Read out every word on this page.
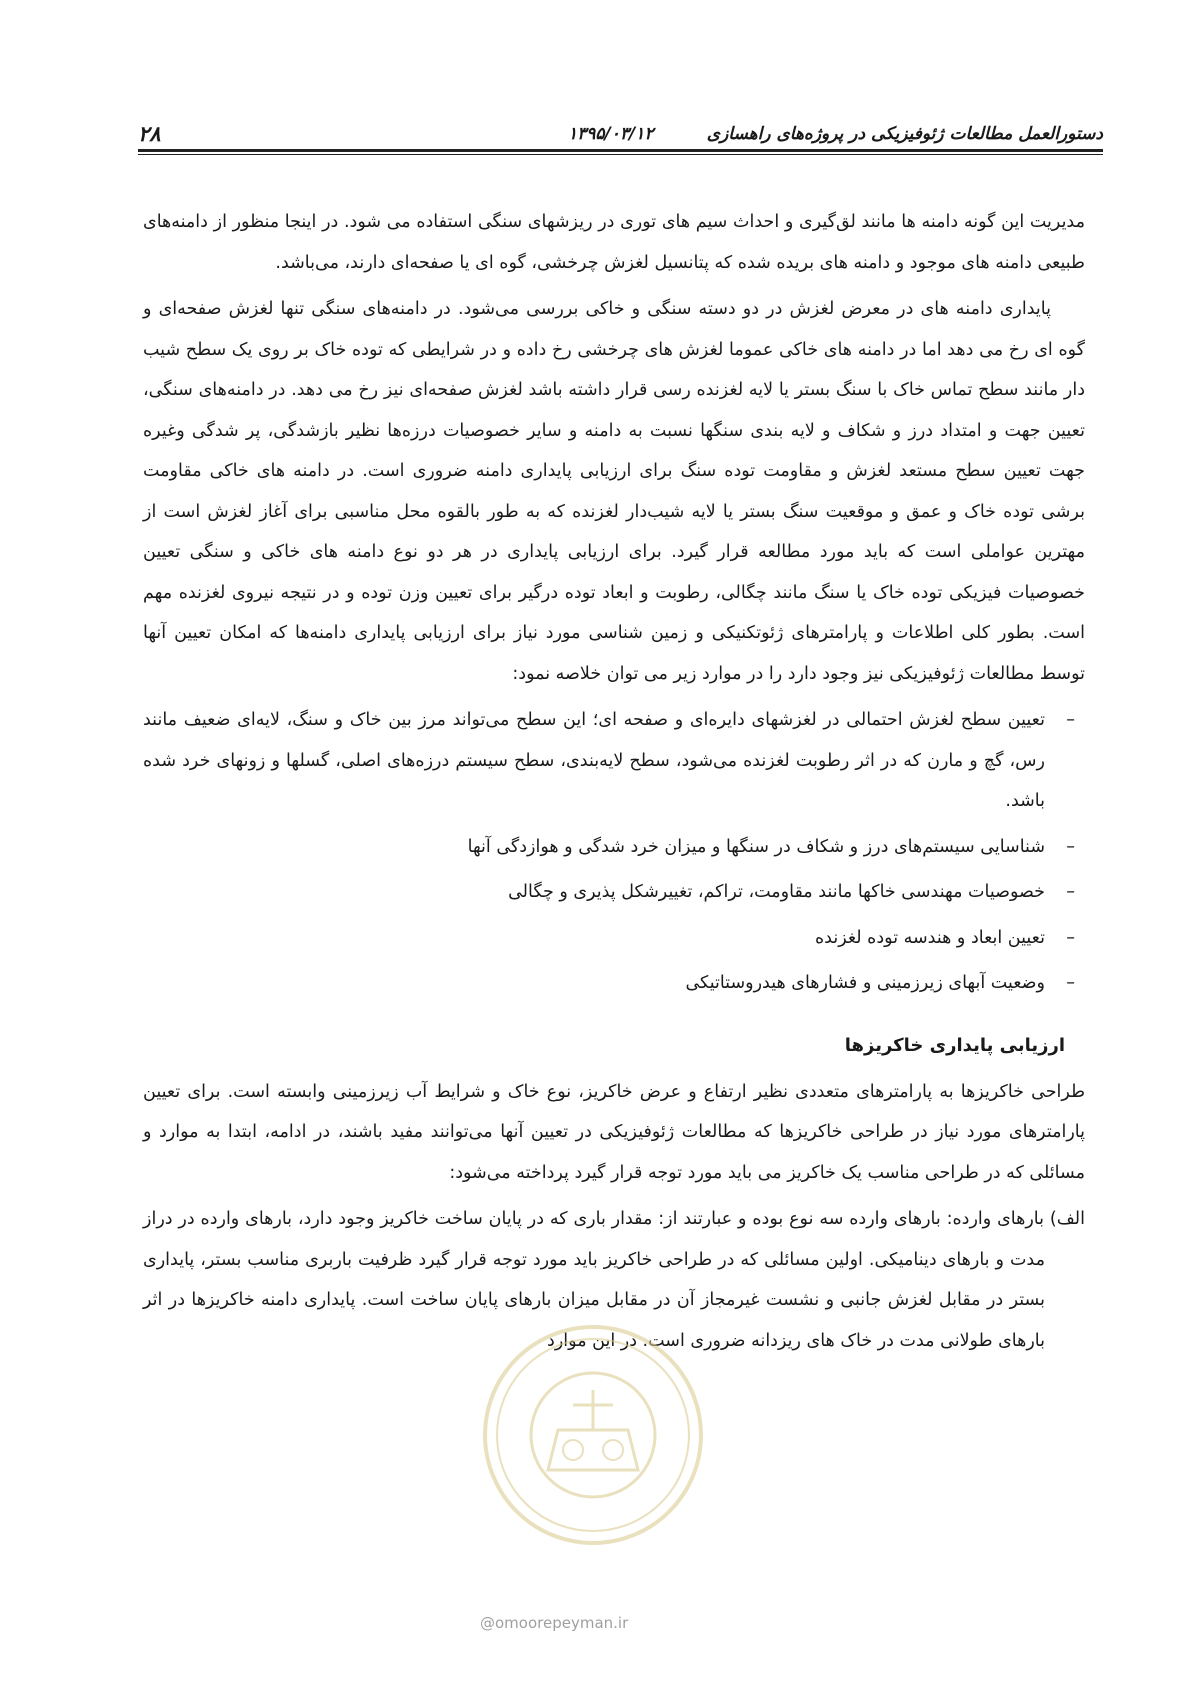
۲۸	۱۳۹۵/۰۳/۱۲	دستورالعمل مطالعات ژئوفیزیکی در پروژه‌های راهسازی

مدیریت این گونه دامنه ها مانند لق‌گیری و احداث سیم های توری در ریزشهای سنگی استفاده می شود. در اینجا منظور از دامنه‌های طبیعی دامنه های موجود و دامنه های بریده شده که پتانسیل لغزش چرخشی، گوه ای یا صفحه‌ای دارند، می‌باشد.

پایداری دامنه های در معرض لغزش در دو دسته سنگی و خاکی بررسی می‌شود. در دامنه‌های سنگی تنها لغزش صفحه‌ای و گوه ای رخ می دهد اما در دامنه های خاکی عموما لغزش های چرخشی رخ داده و در شرایطی که توده خاک بر روی یک سطح شیب دار مانند سطح تماس خاک با سنگ بستر یا لایه لغزنده رسی قرار داشته باشد لغزش صفحه‌ای نیز رخ می دهد. در دامنه‌های سنگی، تعیین جهت و امتداد درز و شکاف و لایه بندی سنگها نسبت به دامنه و سایر خصوصیات درزه‌ها نظیر بازشدگی، پر شدگی وغیره جهت تعیین سطح مستعد لغزش و مقاومت توده سنگ برای ارزیابی پایداری دامنه ضروری است. در دامنه های خاکی مقاومت برشی توده خاک و عمق و موقعیت سنگ بستر یا لایه شیب‌دار لغزنده که به طور بالقوه محل مناسبی برای آغاز لغزش است از مهترین عواملی است که باید مورد مطالعه قرار گیرد. برای ارزیابی پایداری در هر دو نوع دامنه های خاکی و سنگی تعیین خصوصیات فیزیکی توده خاک یا سنگ مانند چگالی، رطوبت و ابعاد توده درگیر برای تعیین وزن توده و در نتیجه نیروی لغزنده مهم است. بطور کلی اطلاعات و پارامترهای ژئوتکنیکی و زمین شناسی مورد نیاز برای ارزیابی پایداری دامنه‌ها که امکان تعیین آنها توسط مطالعات ژئوفیزیکی نیز وجود دارد را در موارد زیر می توان خلاصه نمود:

–
تعیین سطح لغزش احتمالی در لغزشهای دایره‌ای و صفحه ای؛ این سطح می‌تواند مرز بین خاک و سنگ، لایه‌ای ضعیف مانند رس، گچ و مارن که در اثر رطوبت لغزنده می‌شود، سطح لایه‌بندی، سطح سیستم درزه‌های اصلی، گسلها و زونهای خرد شده باشد.
–
شناسایی سیستم‌های درز و شکاف در سنگها و میزان خرد شدگی و هوازدگی آنها
–
خصوصیات مهندسی خاکها مانند مقاومت، تراکم، تغییرشکل پذیری و چگالی
–
تعیین ابعاد و هندسه توده لغزنده
–
وضعیت آبهای زیرزمینی و فشارهای هیدروستاتیکی
ارزیابی پایداری خاکریزها

طراحی خاکریزها به پارامترهای متعددی نظیر ارتفاع و عرض خاکریز، نوع خاک و شرایط آب زیرزمینی وابسته است. برای تعیین پارامترهای مورد نیاز در طراحی خاکریزها که مطالعات ژئوفیزیکی در تعیین آنها می‌توانند مفید باشند، در ادامه، ابتدا به موارد و مسائلی که در طراحی مناسب یک خاکریز می باید مورد توجه قرار گیرد پرداخته می‌شود:

الف) بارهای وارده: بارهای وارده سه نوع بوده و عبارتند از: مقدار باری که در پایان ساخت خاکریز وجود دارد، بارهای وارده در دراز مدت و بارهای دینامیکی. اولین مسائلی که در طراحی خاکریز باید مورد توجه قرار گیرد ظرفیت باربری مناسب بستر، پایداری بستر در مقابل لغزش جانبی و نشست غیرمجاز آن در مقابل میزان بارهای پایان ساخت است. پایداری دامنه خاکریزها در اثر بارهای طولانی مدت در خاک های ریزدانه ضروری است. در این موارد

@omoorepeyman.ir
